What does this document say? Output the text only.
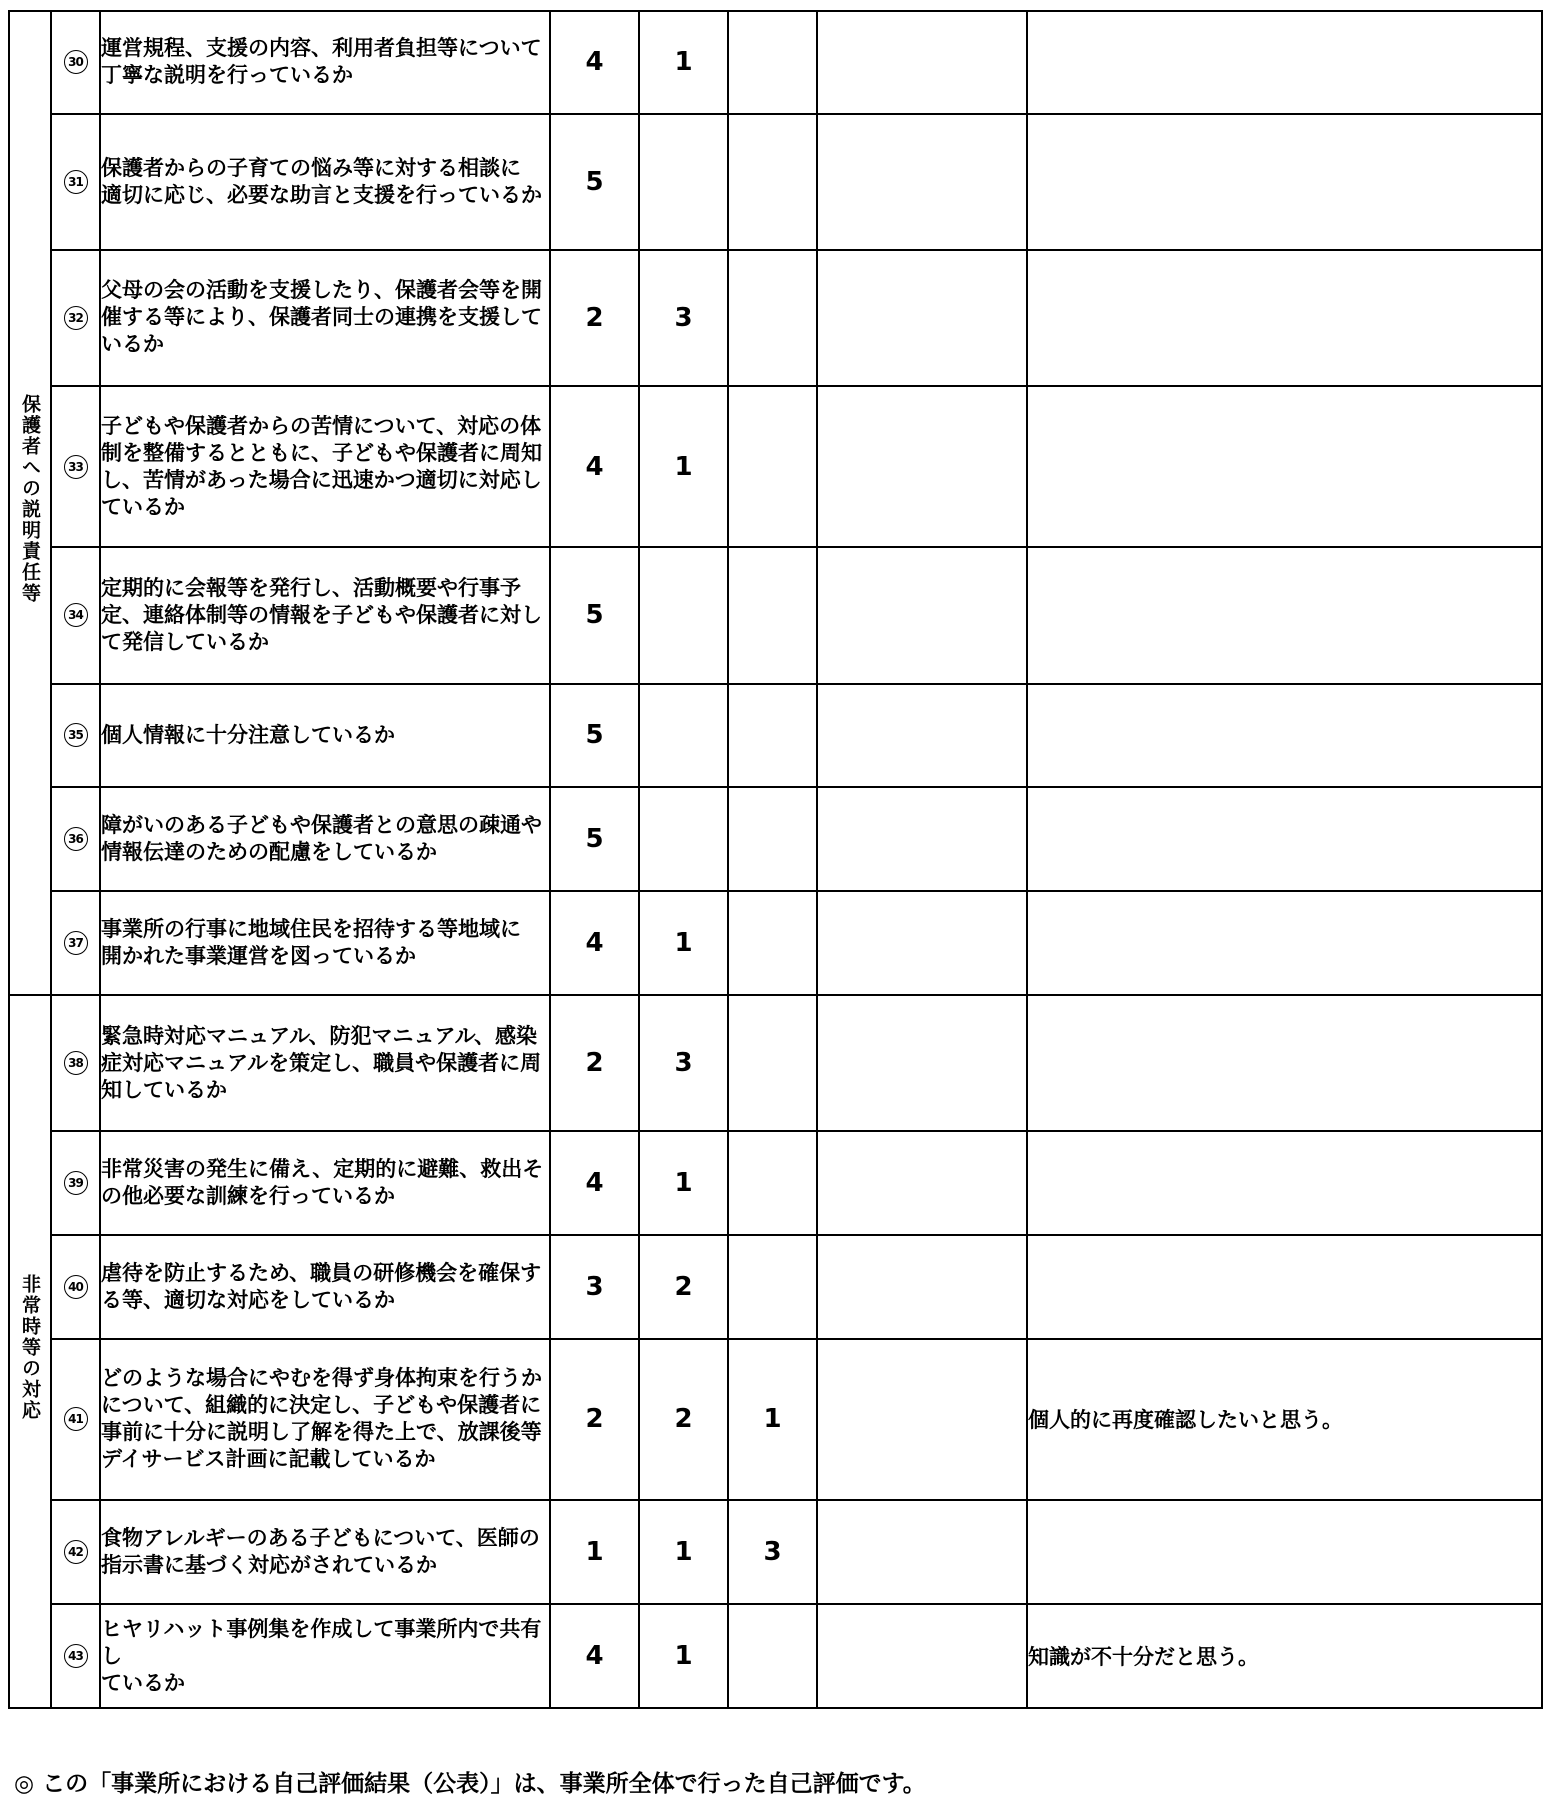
保護者への説明責任等	30	運営規程、支援の内容、利用者負担等について
丁寧な説明を行っているか	4	1			
	31	保護者からの子育ての悩み等に対する相談に
適切に応じ、必要な助言と支援を行っているか	5				
	32	父母の会の活動を支援したり、保護者会等を開
催する等により、保護者同士の連携を支援して
いるか	2	3			
	33	子どもや保護者からの苦情について、対応の体
制を整備するとともに、子どもや保護者に周知
し、苦情があった場合に迅速かつ適切に対応し
ているか	4	1			
	34	定期的に会報等を発行し、活動概要や行事予
定、連絡体制等の情報を子どもや保護者に対し
て発信しているか	5				
	35	個人情報に十分注意しているか	5				
	36	障がいのある子どもや保護者との意思の疎通や
情報伝達のための配慮をしているか	5				
	37	事業所の行事に地域住民を招待する等地域に
開かれた事業運営を図っているか	4	1			
非常時等の対応	38	緊急時対応マニュアル、防犯マニュアル、感染
症対応マニュアルを策定し、職員や保護者に周
知しているか	2	3			
	39	非常災害の発生に備え、定期的に避難、救出そ
の他必要な訓練を行っているか	4	1			
	40	虐待を防止するため、職員の研修機会を確保す
る等、適切な対応をしているか	3	2			
	41	どのような場合にやむを得ず身体拘束を行うか
について、組織的に決定し、子どもや保護者に
事前に十分に説明し了解を得た上で、放課後等
デイサービス計画に記載しているか	2	2	1		個人的に再度確認したいと思う。
	42	食物アレルギーのある子どもについて、医師の
指示書に基づく対応がされているか	1	1	3		
	43	ヒヤリハット事例集を作成して事業所内で共有し
ているか	4	1			知識が不十分だと思う。
◎ この「事業所における自己評価結果（公表）」は、事業所全体で行った自己評価です。
